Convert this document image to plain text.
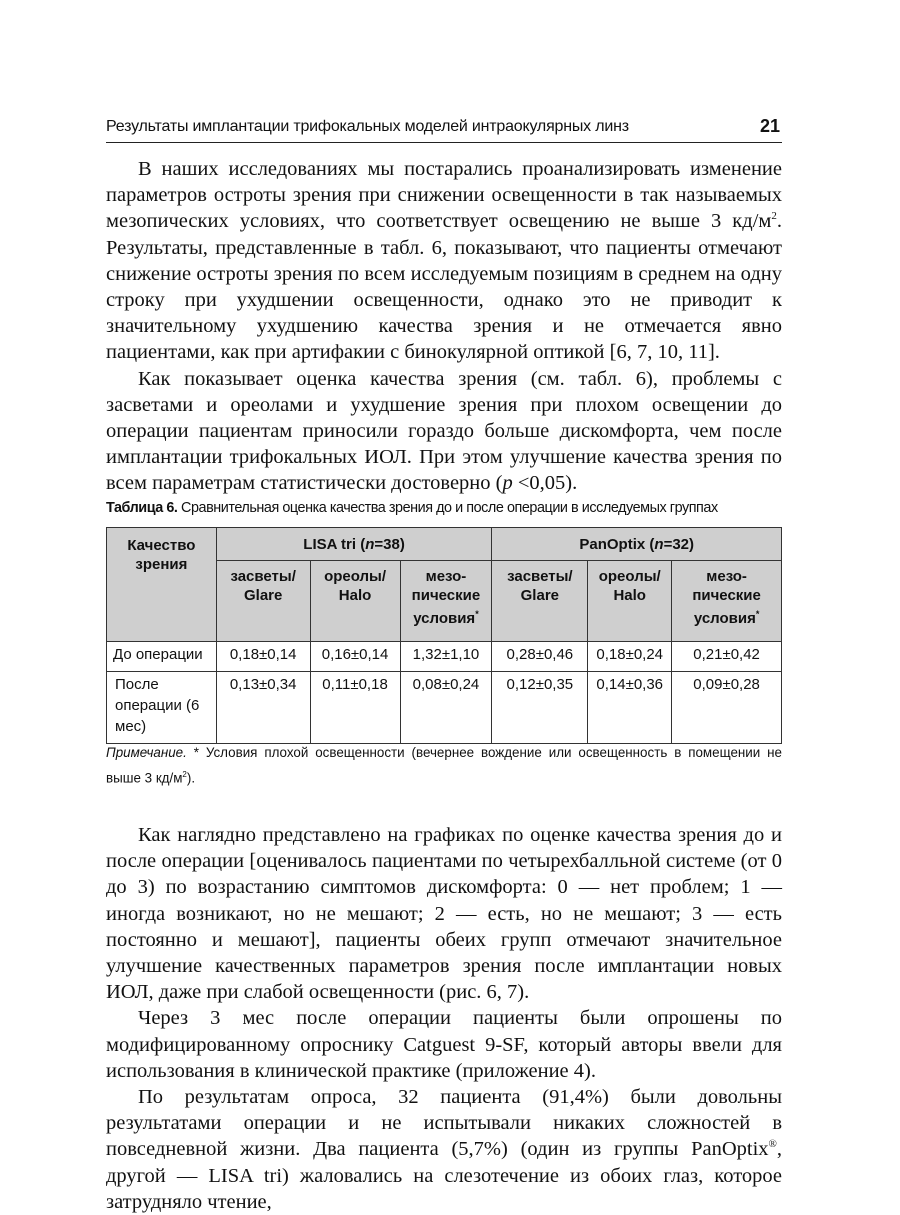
Результаты имплантации трифокальных моделей интраокулярных линз	21

В наших исследованиях мы постарались проанализировать изменение параметров остроты зрения при снижении освещенности в так называемых мезопических условиях, что соответствует освещению не выше 3 $кд/м^2$. Результаты, представленные в табл. 6, показывают, что пациенты отмечают снижение остроты зрения по всем исследуемым позициям в среднем на одну строку при ухудшении освещенности, однако это не приводит к значительному ухудшению качества зрения и не отмечается явно пациентами, как при артифакии с бинокулярной оптикой [6, 7, 10, 11].

Как показывает оценка качества зрения (см. табл. 6), проблемы с засветами и ореолами и ухудшение зрения при плохом освещении до операции пациентам приносили гораздо больше дискомфорта, чем после имплантации трифокальных ИОЛ. При этом улучшение качества зрения по всем параметрам статистически достоверно (p <0,05).

Таблица 6. Сравнительная оценка качества зрения до и после операции в исследуемых группах
Качество зрения	LISA tri (n=38)			PanOptix (n=32)		
	засветы/ Glare	ореолы/ Halo	мезо-пические условия*	засветы/ Glare	ореолы/ Halo	мезо-пические условия*
До операции	0,18±0,14	0,16±0,14	1,32±1,10	0,28±0,46	0,18±0,24	0,21±0,42
После операции (6 мес)	0,13±0,34	0,11±0,18	0,08±0,24	0,12±0,35	0,14±0,36	0,09±0,28
Примечание. * Условия плохой освещенности (вечернее вождение или освещенность в помещении не выше 3 $кд/м^2$).

Как наглядно представлено на графиках по оценке качества зрения до и после операции [оценивалось пациентами по четырехбалльной системе (от 0 до 3) по возрастанию симптомов дискомфорта: 0 — нет проблем; 1 — иногда возникают, но не мешают; 2 — есть, но не мешают; 3 — есть постоянно и мешают], пациенты обеих групп отмечают значительное улучшение качественных параметров зрения после имплантации новых ИОЛ, даже при слабой освещенности (рис. 6, 7).

Через 3 мес после операции пациенты были опрошены по модифицированному опроснику Catguest 9-SF, который авторы ввели для использования в клинической практике (приложение 4).

По результатам опроса, 32 пациента (91,4%) были довольны результатами операции и не испытывали никаких сложностей в повседневной жизни. Два пациента (5,7%) (один из группы PanOptix®, другой — LISA tri) жаловались на слезотечение из обоих глаз, которое затрудняло чтение,
